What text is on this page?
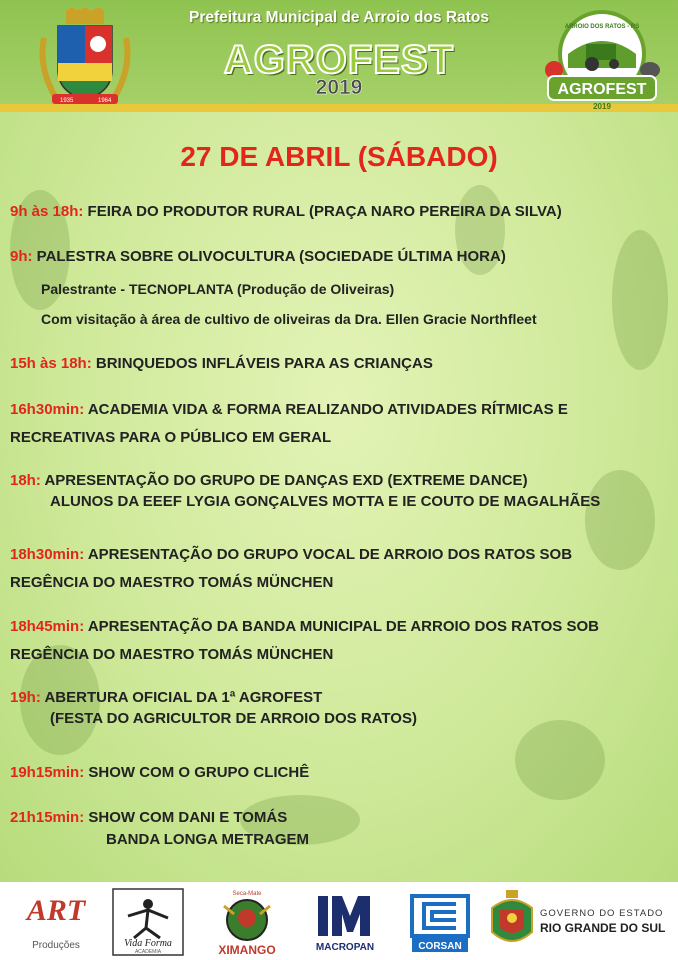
1935	1964
Prefeitura Municipal de Arroio dos Ratos
AGROFEST
2019
ARROIO DOS RATOS - RS
AGROFEST
2019
27 DE ABRIL (SÁBADO)
9h às 18h: FEIRA DO PRODUTOR RURAL (PRAÇA NARO PEREIRA DA SILVA)
9h: PALESTRA SOBRE OLIVOCULTURA (SOCIEDADE ÚLTIMA HORA)
Palestrante - TECNOPLANTA (Produção de Oliveiras)
Com visitação à área de cultivo de oliveiras da Dra. Ellen Gracie Northfleet
15h às 18h: BRINQUEDOS INFLÁVEIS PARA AS CRIANÇAS
16h30min: ACADEMIA VIDA & FORMA REALIZANDO ATIVIDADES RÍTMICAS E
RECREATIVAS PARA O PÚBLICO EM GERAL
18h: APRESENTAÇÃO DO GRUPO DE DANÇAS EXD (EXTREME DANCE)
ALUNOS DA EEEF LYGIA GONÇALVES MOTTA E IE COUTO DE MAGALHÃES
18h30min: APRESENTAÇÃO DO GRUPO VOCAL DE ARROIO DOS RATOS SOB
REGÊNCIA DO MAESTRO TOMÁS MÜNCHEN
18h45min: APRESENTAÇÃO DA BANDA MUNICIPAL DE ARROIO DOS RATOS SOB
REGÊNCIA DO MAESTRO TOMÁS MÜNCHEN
19h: ABERTURA OFICIAL DA 1ª AGROFEST
(FESTA DO AGRICULTOR DE ARROIO DOS RATOS)
19h15min: SHOW COM O GRUPO CLICHÊ
21h15min: SHOW COM DANI E TOMÁS
BANDA LONGA METRAGEM
ART
Produções	Vida Forma
ACADEMIA
Seca-Mate
XIMANGO	MACROPAN	CORSAN
GOVERNO DO ESTADO
RIO GRANDE DO SUL
